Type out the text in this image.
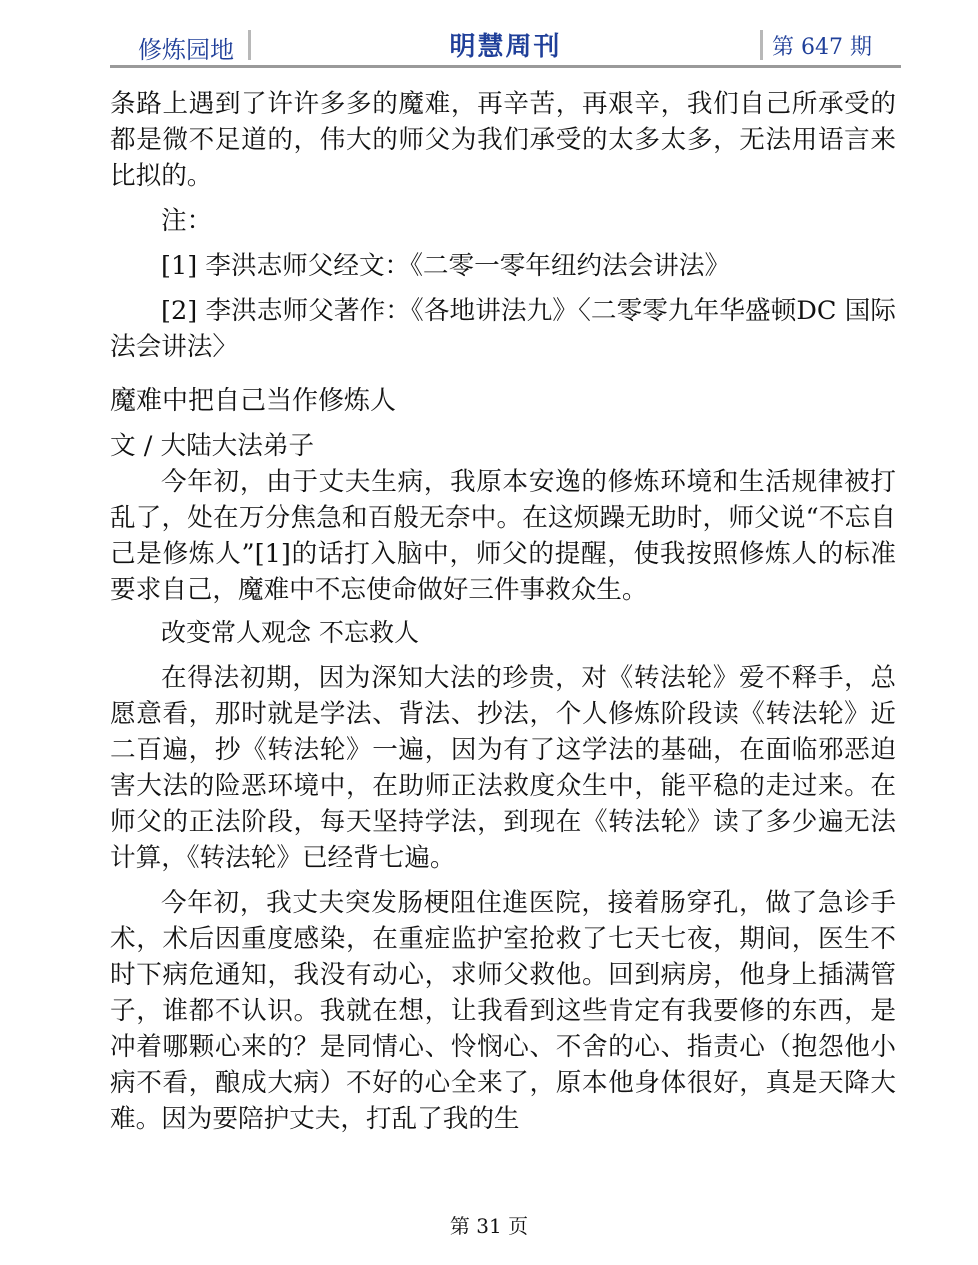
修炼园地	明慧周刊	第 647 期

条路上遇到了许许多多的魔难，再辛苦，再艰辛，我们自己所承受的都是微不足道的，伟大的师父为我们承受的太多太多，无法用语言来比拟的。

注：

[1] 李洪志师父经文：《二零一零年纽约法会讲法》

[2] 李洪志师父著作：《各地讲法九》〈二零零九年华盛顿DC 国际法会讲法〉

魔难中把自己当作修炼人

文 / 大陆大法弟子

今年初，由于丈夫生病，我原本安逸的修炼环境和生活规律被打乱了，处在万分焦急和百般无奈中。在这烦躁无助时，师父说“不忘自己是修炼人”[1]的话打入脑中，师父的提醒，使我按照修炼人的标准要求自己，魔难中不忘使命做好三件事救众生。

改变常人观念 不忘救人

在得法初期，因为深知大法的珍贵，对《转法轮》爱不释手，总愿意看，那时就是学法、背法、抄法，个人修炼阶段读《转法轮》近二百遍，抄《转法轮》一遍，因为有了这学法的基础，在面临邪恶迫害大法的险恶环境中，在助师正法救度众生中，能平稳的走过来。在师父的正法阶段，每天坚持学法，到现在《转法轮》读了多少遍无法计算，《转法轮》已经背七遍。

今年初，我丈夫突发肠梗阻住進医院，接着肠穿孔，做了急诊手术，术后因重度感染，在重症监护室抢救了七天七夜，期间，医生不时下病危通知，我没有动心，求师父救他。回到病房，他身上插满管子，谁都不认识。我就在想，让我看到这些肯定有我要修的东西，是冲着哪颗心来的？是同情心、怜悯心、不舍的心、指责心（抱怨他小病不看，酿成大病）不好的心全来了，原本他身体很好，真是天降大难。因为要陪护丈夫，打乱了我的生

第 31 页
